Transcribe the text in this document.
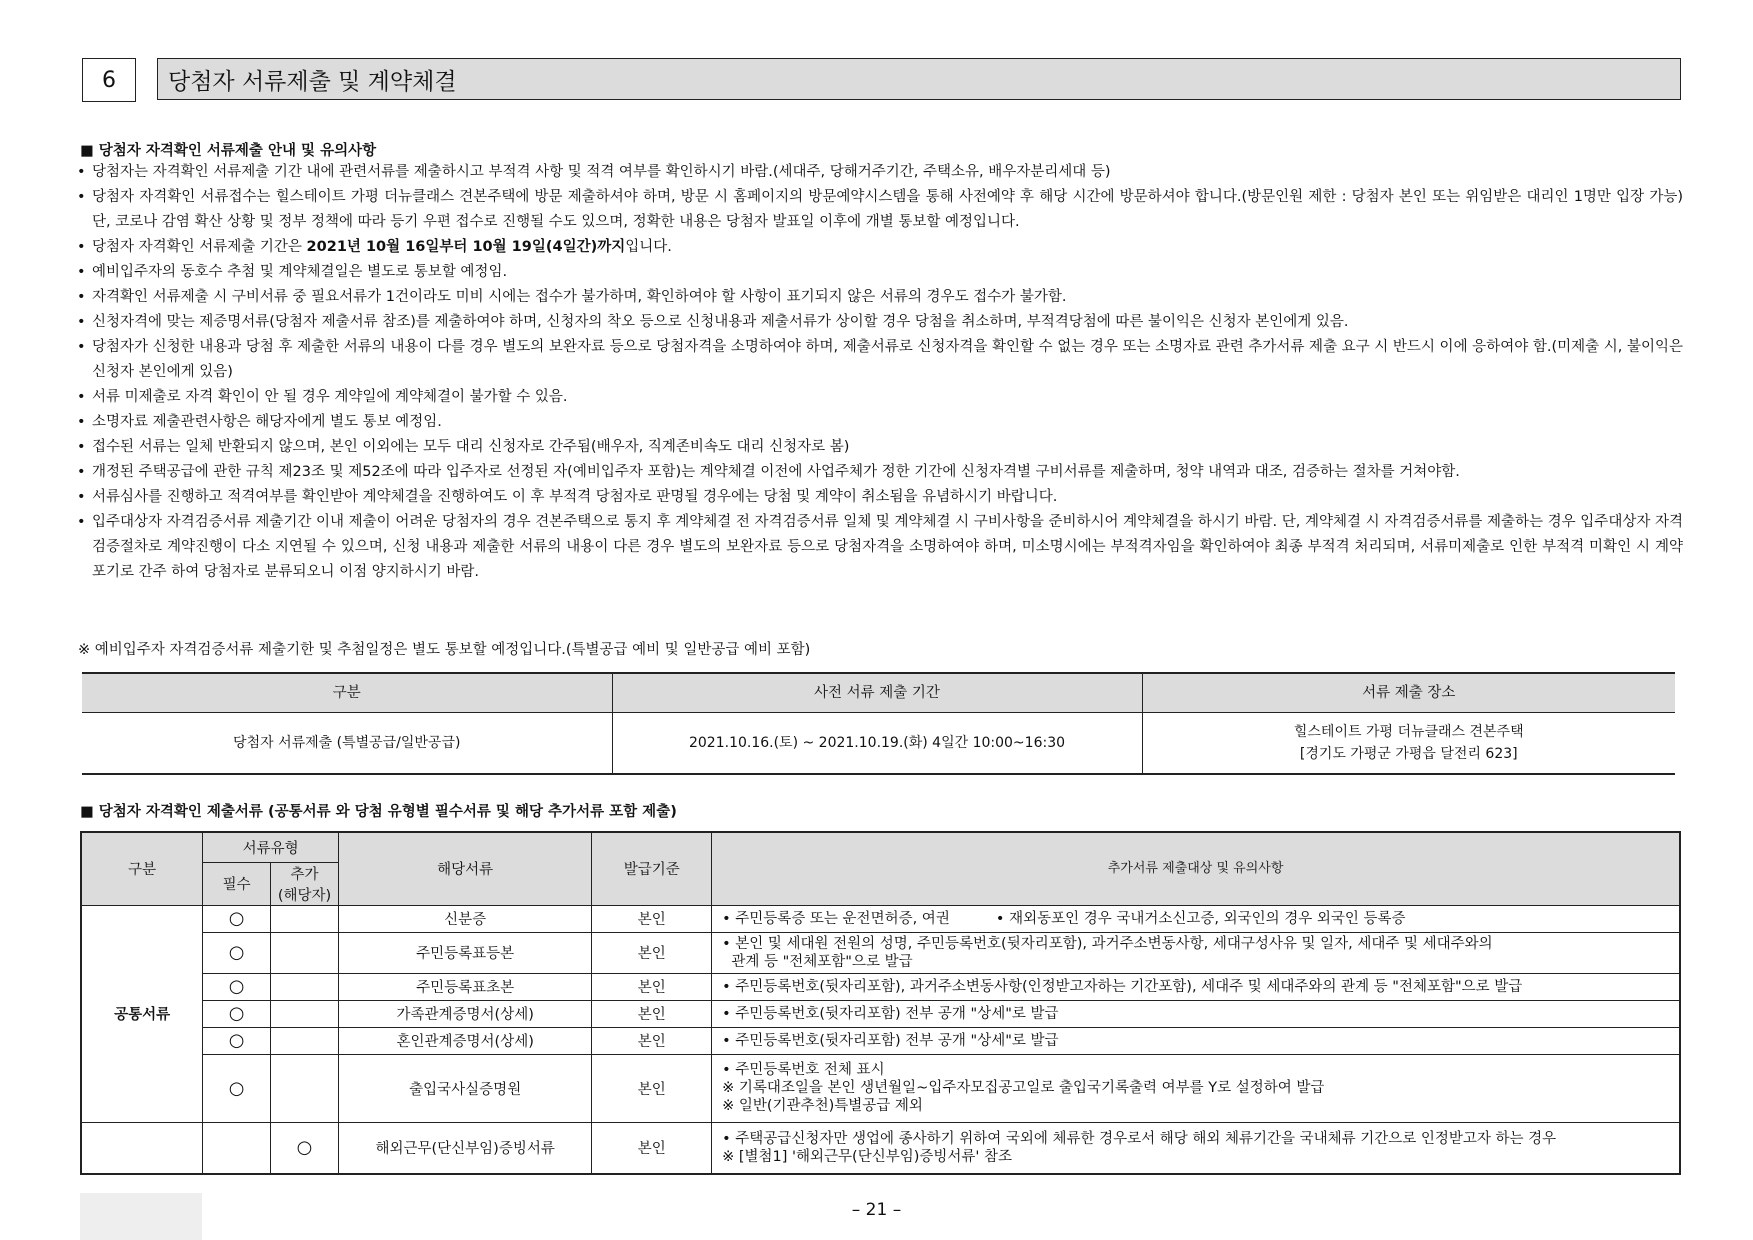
6	당첨자 서류제출 및 계약체결
■ 당첨자 자격확인 서류제출 안내 및 유의사항
• 당첨자는 자격확인 서류제출 기간 내에 관련서류를 제출하시고 부적격 사항 및 적격 여부를 확인하시기 바람.(세대주, 당해거주기간, 주택소유, 배우자분리세대 등)
• 당첨자 자격확인 서류접수는 힐스테이트 가평 더뉴클래스 견본주택에 방문 제출하셔야 하며, 방문 시 홈페이지의 방문예약시스템을 통해 사전예약 후 해당 시간에 방문하셔야 합니다.(방문인원 제한 : 당첨자 본인 또는 위임받은 대리인 1명만 입장 가능) 단, 코로나 감염 확산 상황 및 정부 정책에 따라 등기 우편 접수로 진행될 수도 있으며, 정확한 내용은 당첨자 발표일 이후에 개별 통보할 예정입니다.
• 당첨자 자격확인 서류제출 기간은 2021년 10월 16일부터 10월 19일(4일간)까지입니다.
• 예비입주자의 동호수 추첨 및 계약체결일은 별도로 통보할 예정임.
• 자격확인 서류제출 시 구비서류 중 필요서류가 1건이라도 미비 시에는 접수가 불가하며, 확인하여야 할 사항이 표기되지 않은 서류의 경우도 접수가 불가함.
• 신청자격에 맞는 제증명서류(당첨자 제출서류 참조)를 제출하여야 하며, 신청자의 착오 등으로 신청내용과 제출서류가 상이할 경우 당첨을 취소하며, 부적격당첨에 따른 불이익은 신청자 본인에게 있음.
• 당첨자가 신청한 내용과 당첨 후 제출한 서류의 내용이 다를 경우 별도의 보완자료 등으로 당첨자격을 소명하여야 하며, 제출서류로 신청자격을 확인할 수 없는 경우 또는 소명자료 관련 추가서류 제출 요구 시 반드시 이에 응하여야 함.(미제출 시, 불이익은 신청자 본인에게 있음)
• 서류 미제출로 자격 확인이 안 될 경우 계약일에 계약체결이 불가할 수 있음.
• 소명자료 제출관련사항은 해당자에게 별도 통보 예정임.
• 접수된 서류는 일체 반환되지 않으며, 본인 이외에는 모두 대리 신청자로 간주됨(배우자, 직계존비속도 대리 신청자로 봄)
• 개정된 주택공급에 관한 규칙 제23조 및 제52조에 따라 입주자로 선정된 자(예비입주자 포함)는 계약체결 이전에 사업주체가 정한 기간에 신청자격별 구비서류를 제출하며, 청약 내역과 대조, 검증하는 절차를 거쳐야함.
• 서류심사를 진행하고 적격여부를 확인받아 계약체결을 진행하여도 이 후 부적격 당첨자로 판명될 경우에는 당첨 및 계약이 취소됨을 유념하시기 바랍니다.
• 입주대상자 자격검증서류 제출기간 이내 제출이 어려운 당첨자의 경우 견본주택으로 통지 후 계약체결 전 자격검증서류 일체 및 계약체결 시 구비사항을 준비하시어 계약체결을 하시기 바람. 단, 계약체결 시 자격검증서류를 제출하는 경우 입주대상자 자격검증절차로 계약진행이 다소 지연될 수 있으며, 신청 내용과 제출한 서류의 내용이 다른 경우 별도의 보완자료 등으로 당첨자격을 소명하여야 하며, 미소명시에는 부적격자임을 확인하여야 최종 부적격 처리되며, 서류미제출로 인한 부적격 미확인 시 계약포기로 간주 하여 당첨자로 분류되오니 이점 양지하시기 바람.
※ 예비입주자 자격검증서류 제출기한 및 추첨일정은 별도 통보할 예정입니다.(특별공급 예비 및 일반공급 예비 포함)
구분	사전 서류 제출 기간	서류 제출 장소
당첨자 서류제출 (특별공급/일반공급)	2021.10.16.(토) ~ 2021.10.19.(화) 4일간 10:00~16:30	힐스테이트 가평 더뉴클래스 견본주택
[경기도 가평군 가평읍 달전리 623]
■ 당첨자 자격확인 제출서류 (공통서류 와 당첨 유형별 필수서류 및 해당 추가서류 포함 제출)
구분	서류유형		해당서류	발급기준	추가서류 제출대상 및 유의사항
	필수	추가
(해당자)			

공통서류	○		신분증	본인	• 주민등록증 또는 운전면허증, 여권          • 재외동포인 경우 국내거소신고증, 외국인의 경우 외국인 등록증

	○		주민등록표등본	본인	• 본인 및 세대원 전원의 성명, 주민등록번호(뒷자리포함), 과거주소변동사항, 세대구성사유 및 일자, 세대주 및 세대주와의
관계 등 "전체포함"으로 발급

	○		주민등록표초본	본인	• 주민등록번호(뒷자리포함), 과거주소변동사항(인정받고자하는 기간포함), 세대주 및 세대주와의 관계 등 "전체포함"으로 발급

	○		가족관계증명서(상세)	본인	• 주민등록번호(뒷자리포함) 전부 공개 "상세"로 발급

	○		혼인관계증명서(상세)	본인	• 주민등록번호(뒷자리포함) 전부 공개 "상세"로 발급

	○		출입국사실증명원	본인	• 주민등록번호 전체 표시
※ 기록대조일을 본인 생년월일~입주자모집공고일로 출입국기록출력 여부를 Y로 설정하여 발급
※ 일반(기관추천)특별공급 제외

		○	해외근무(단신부임)증빙서류	본인	• 주택공급신청자만 생업에 종사하기 위하여 국외에 체류한 경우로서 해당 해외 체류기간을 국내체류 기간으로 인정받고자 하는 경우
※ [별첨1] '해외근무(단신부임)증빙서류' 참조
– 21 –
